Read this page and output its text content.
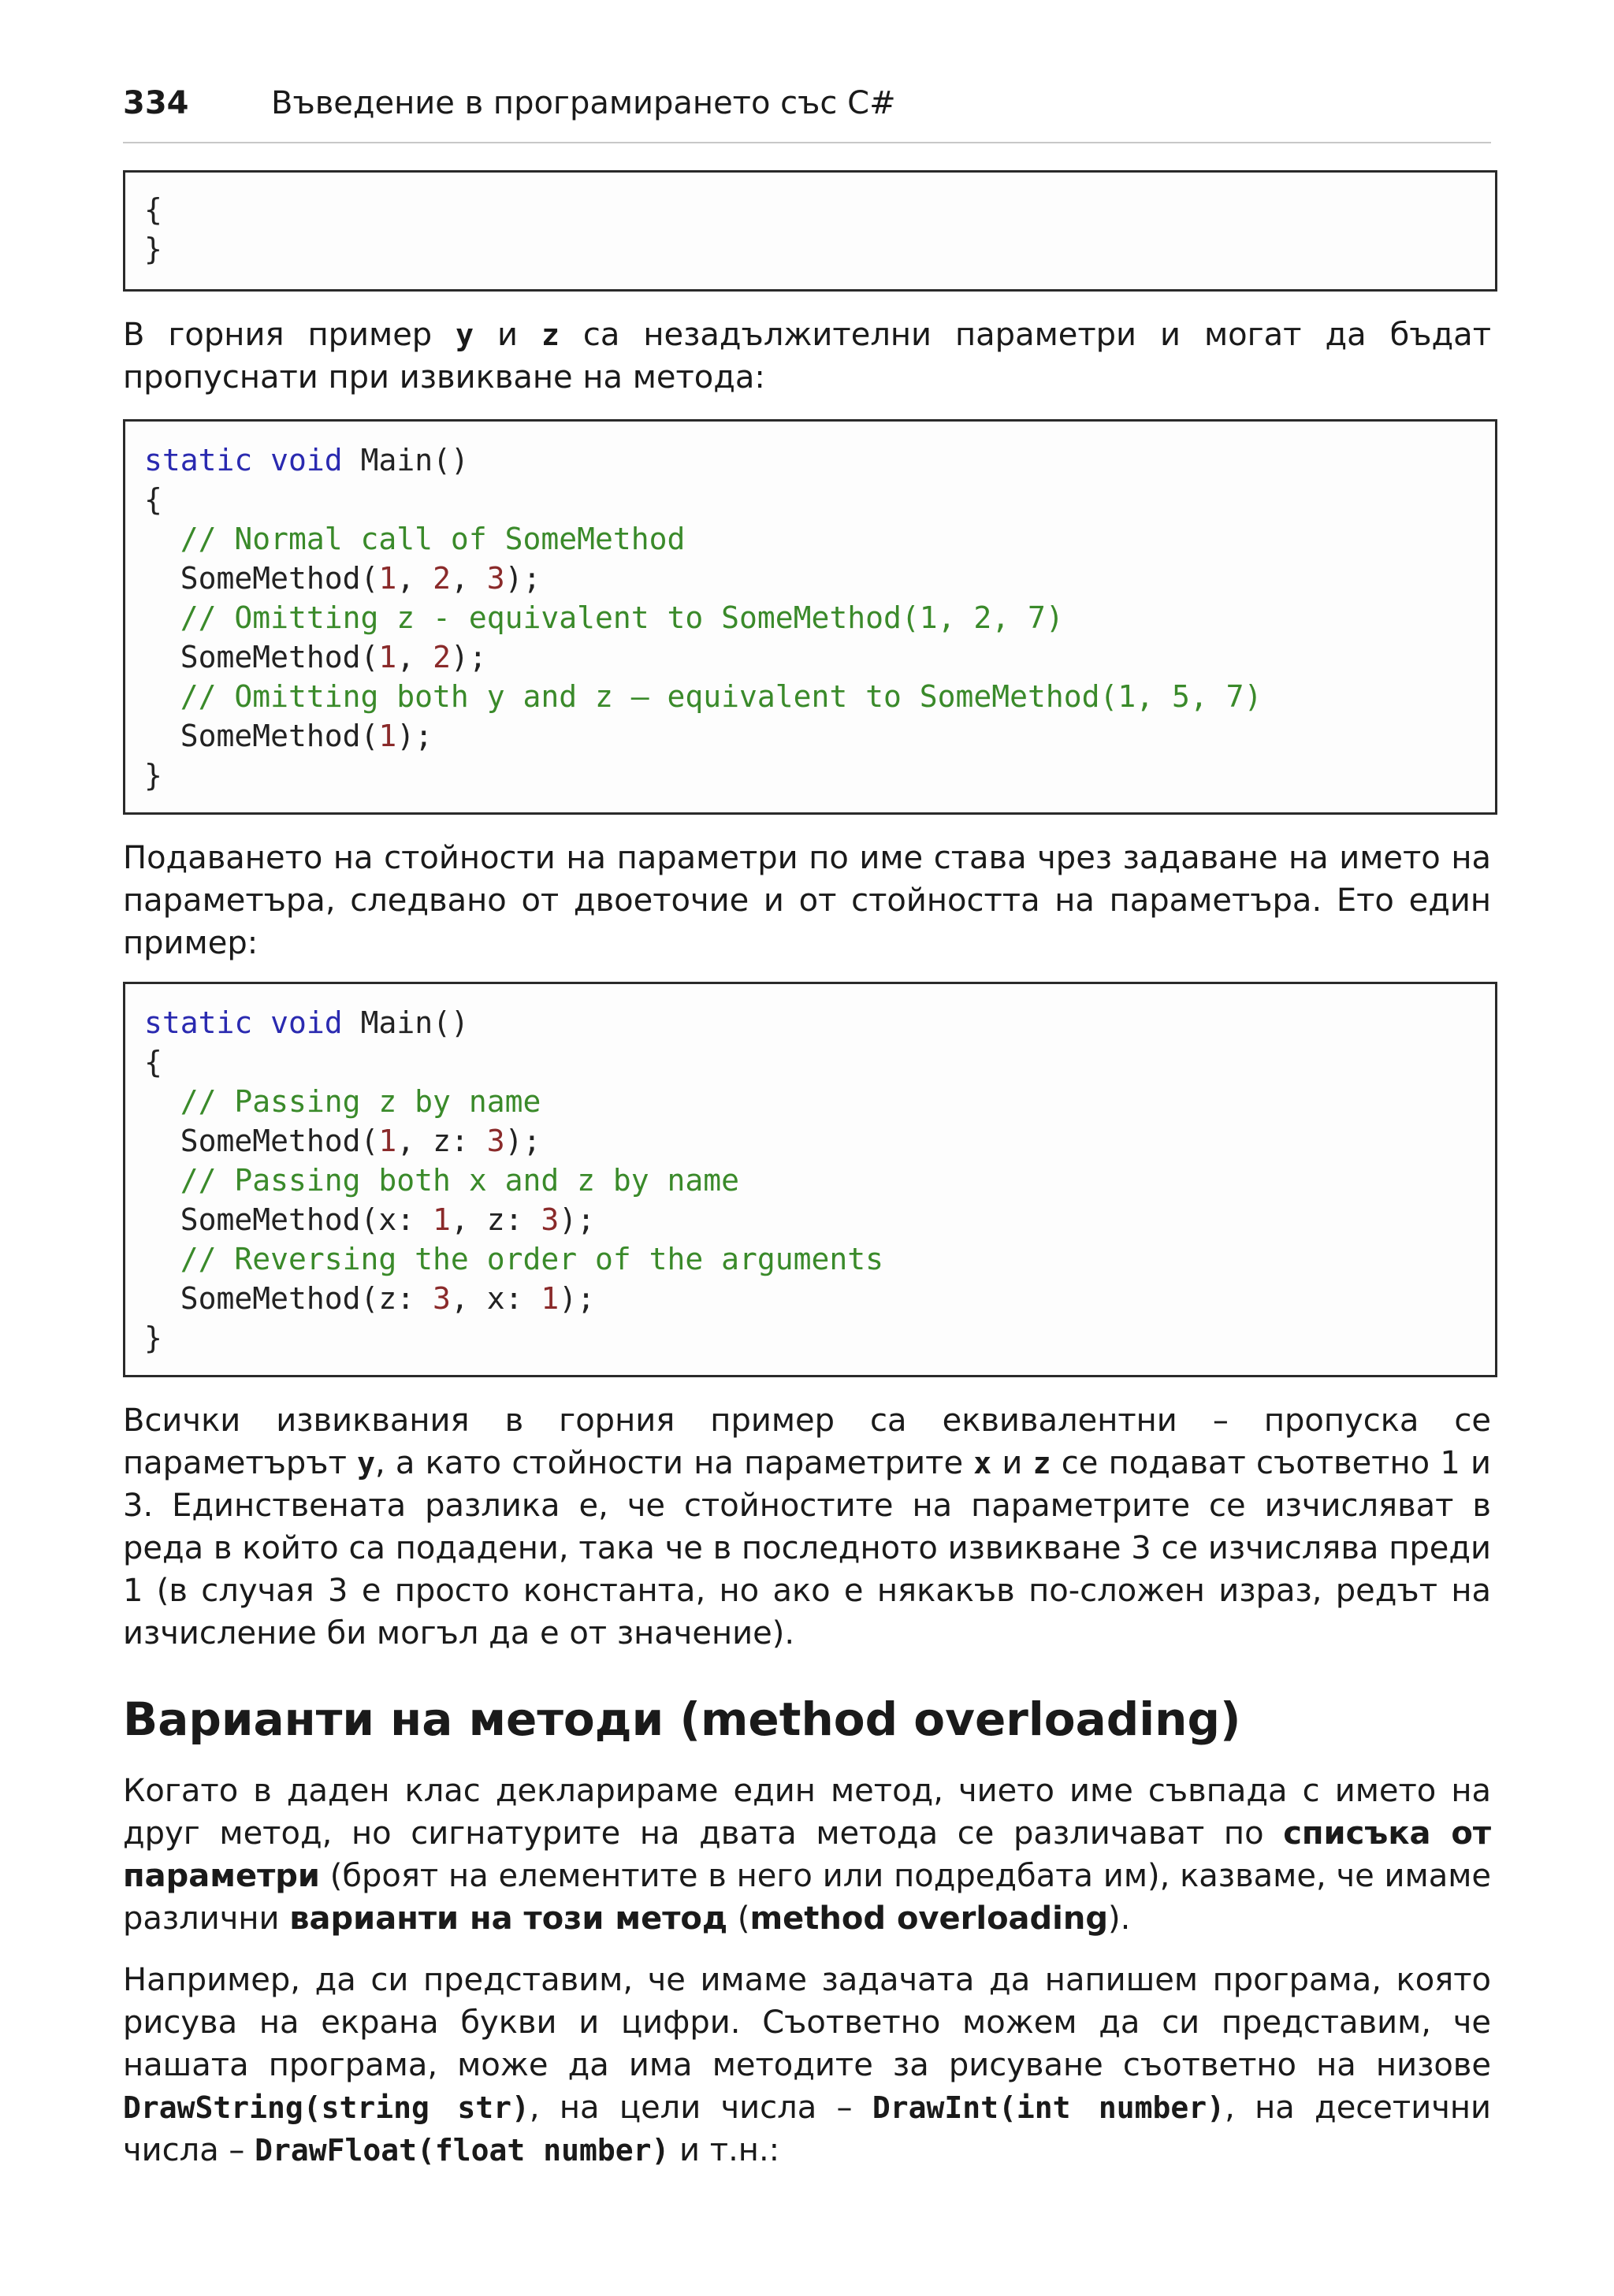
334	Въведение в програмирането със C#
{
}
В горния пример y и z са незадължителни параметри и могат да бъдат пропуснати при извикване на метода:
static void Main()
{
// Normal call of SomeMethod
SomeMethod(1, 2, 3);
// Omitting z - equivalent to SomeMethod(1, 2, 7)
SomeMethod(1, 2);
// Omitting both y and z – equivalent to SomeMethod(1, 5, 7)
SomeMethod(1);
}
Подаването на стойности на параметри по име става чрез задаване на името на параметъра, следвано от двоеточие и от стойността на параметъра. Ето един пример:
static void Main()
{
// Passing z by name
SomeMethod(1, z: 3);
// Passing both x and z by name
SomeMethod(x: 1, z: 3);
// Reversing the order of the arguments
SomeMethod(z: 3, x: 1);
}
Всички извиквания в горния пример са еквивалентни – пропуска се параметърът y, а като стойности на параметрите x и z се подават съответно 1 и 3. Единствената разлика е, че стойностите на параметрите се изчисляват в реда в който са подадени, така че в последното извикване 3 се изчислява преди 1 (в случая 3 е просто константа, но ако е някакъв по-сложен израз, редът на изчисление би могъл да е от значение).
Варианти на методи (method overloading)
Когато в даден клас декларираме един метод, чието име съвпада с името на друг метод, но сигнатурите на двата метода се различават по списъка от параметри (броят на елементите в него или подредбата им), казваме, че имаме различни варианти на този метод (method overloading).
Например, да си представим, че имаме задачата да напишем програма, която рисува на екрана букви и цифри. Съответно можем да си представим, че нашата програма, може да има методите за рисуване съответно на низове DrawString(string str), на цели числа – DrawInt(int number), на десетични числа – DrawFloat(float number) и т.н.:
